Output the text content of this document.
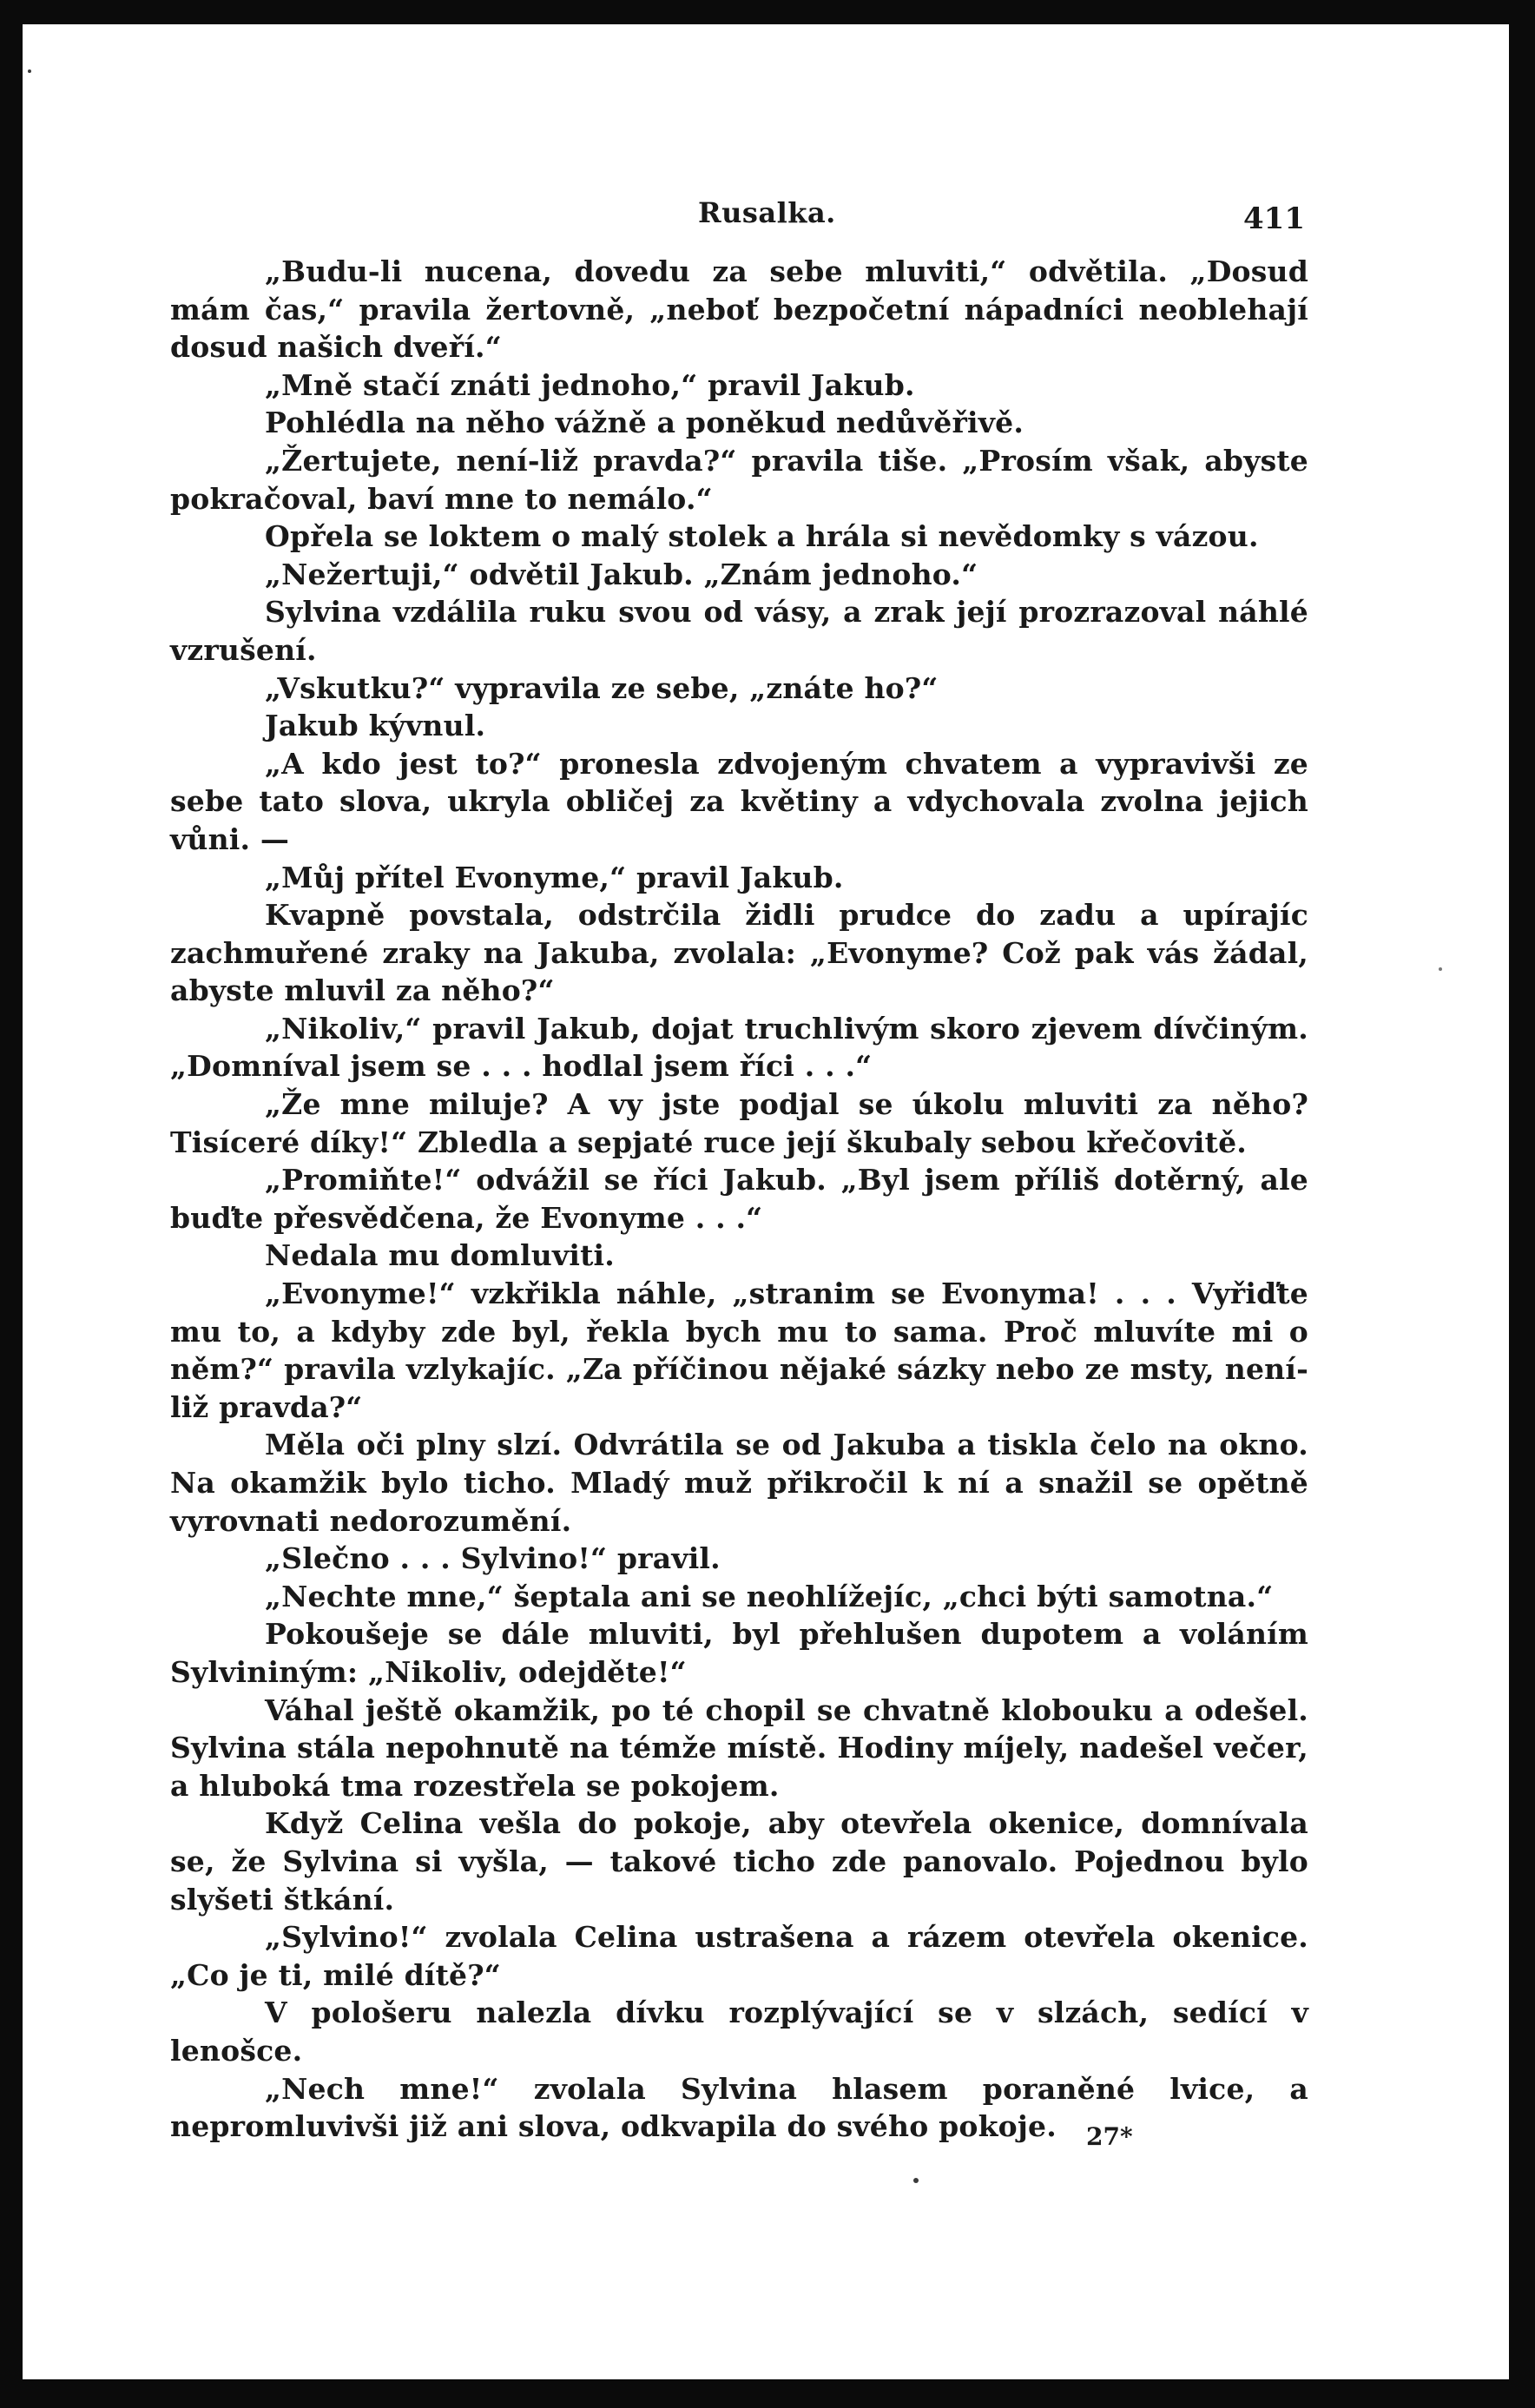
Rusalka.	411

„Budu-li nucena, dovedu za sebe mluviti,“ odvětila. „Dosud mám čas,“ pravila žertovně, „neboť bezpočetní nápadníci neoblehají dosud našich dveří.“

„Mně stačí znáti jednoho,“ pravil Jakub.

Pohlédla na něho vážně a poněkud nedůvěřivě.

„Žertujete, není-liž pravda?“ pravila tiše. „Prosím však, abyste pokračoval, baví mne to nemálo.“

Opřela se loktem o malý stolek a hrála si nevědomky s vázou.

„Nežertuji,“ odvětil Jakub. „Znám jednoho.“

Sylvina vzdálila ruku svou od vásy, a zrak její prozrazoval náhlé vzrušení.

„Vskutku?“ vypravila ze sebe, „znáte ho?“

Jakub kývnul.

„A kdo jest to?“ pronesla zdvojeným chvatem a vypravivši ze sebe tato slova, ukryla obličej za květiny a vdychovala zvolna jejich vůni. —

„Můj přítel Evonyme,“ pravil Jakub.

Kvapně povstala, odstrčila židli prudce do zadu a upírajíc zachmuřené zraky na Jakuba, zvolala: „Evonyme? Což pak vás žádal, abyste mluvil za něho?“

„Nikoliv,“ pravil Jakub, dojat truchlivým skoro zjevem dívčiným. „Domníval jsem se . . . hodlal jsem říci . . .“

„Že mne miluje? A vy jste podjal se úkolu mluviti za něho? Tisíceré díky!“ Zbledla a sepjaté ruce její škubaly sebou křečovitě.

„Promiňte!“ odvážil se říci Jakub. „Byl jsem příliš dotěrný, ale buďte přesvědčena, že Evonyme . . .“

Nedala mu domluviti.

„Evonyme!“ vzkřikla náhle, „stranim se Evonyma! . . . Vyřiďte mu to, a kdyby zde byl, řekla bych mu to sama. Proč mluvíte mi o něm?“ pravila vzlykajíc. „Za příčinou nějaké sázky nebo ze msty, není-liž pravda?“

Měla oči plny slzí. Odvrátila se od Jakuba a tiskla čelo na okno. Na okamžik bylo ticho. Mladý muž přikročil k ní a snažil se opětně vyrovnati nedorozumění.

„Slečno . . . Sylvino!“ pravil.

„Nechte mne,“ šeptala ani se neohlížejíc, „chci býti samotna.“

Pokoušeje se dále mluviti, byl přehlušen dupotem a voláním Sylvininým: „Nikoliv, odejděte!“

Váhal ještě okamžik, po té chopil se chvatně klobouku a odešel. Sylvina stála nepohnutě na témže místě. Hodiny míjely, nadešel večer, a hluboká tma rozestřela se pokojem.

Když Celina vešla do pokoje, aby otevřela okenice, domnívala se, že Sylvina si vyšla, — takové ticho zde panovalo. Pojednou bylo slyšeti štkání.

„Sylvino!“ zvolala Celina ustrašena a rázem otevřela okenice. „Co je ti, milé dítě?“

V pološeru nalezla dívku rozplývající se v slzách, sedící v lenošce.

„Nech mne!“ zvolala Sylvina hlasem poraněné lvice, a nepromluvivši již ani slova, odkvapila do svého pokoje.	27*
